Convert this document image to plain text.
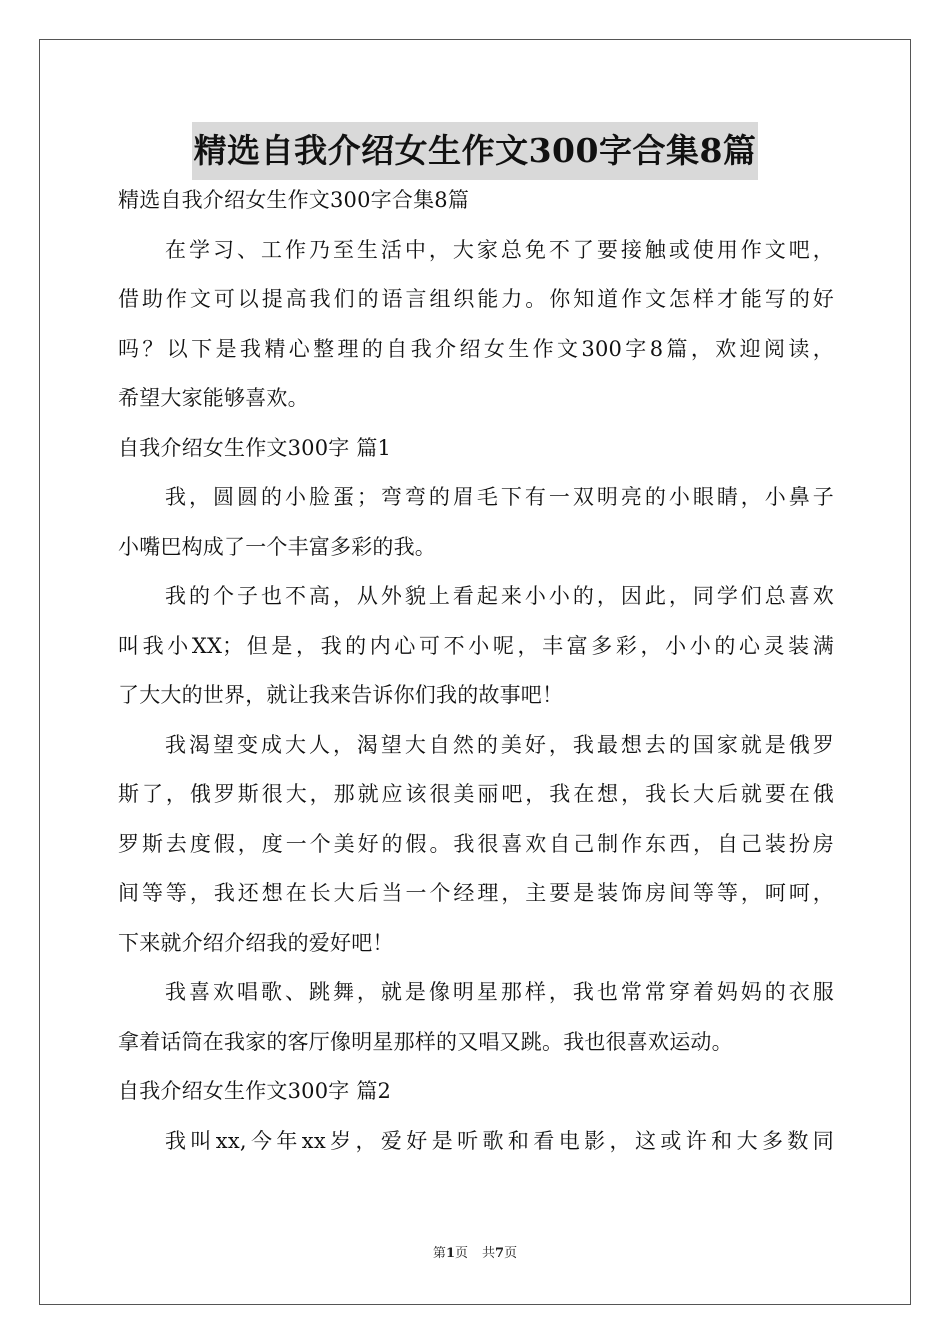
精选自我介绍女生作文300字合集8篇
精选自我介绍女生作文300字合集8篇
在学习、工作乃至生活中，大家总免不了要接触或使用作文吧，
借助作文可以提高我们的语言组织能力。你知道作文怎样才能写的好
吗？以下是我精心整理的自我介绍女生作文300字8篇，欢迎阅读，
希望大家能够喜欢。
自我介绍女生作文300字 篇1
我，圆圆的小脸蛋；弯弯的眉毛下有一双明亮的小眼睛，小鼻子
小嘴巴构成了一个丰富多彩的我。
我的个子也不高，从外貌上看起来小小的，因此，同学们总喜欢
叫我小XX；但是，我的内心可不小呢，丰富多彩，小小的心灵装满
了大大的世界，就让我来告诉你们我的故事吧！
我渴望变成大人，渴望大自然的美好，我最想去的国家就是俄罗
斯了，俄罗斯很大，那就应该很美丽吧，我在想，我长大后就要在俄
罗斯去度假，度一个美好的假。我很喜欢自己制作东西，自己装扮房
间等等，我还想在长大后当一个经理，主要是装饰房间等等，呵呵，
下来就介绍介绍我的爱好吧！
我喜欢唱歌、跳舞，就是像明星那样，我也常常穿着妈妈的衣服
拿着话筒在我家的客厅像明星那样的又唱又跳。我也很喜欢运动。
自我介绍女生作文300字 篇2
我叫xx,今年xx岁，爱好是听歌和看电影，这或许和大多数同
第1页 共7页
